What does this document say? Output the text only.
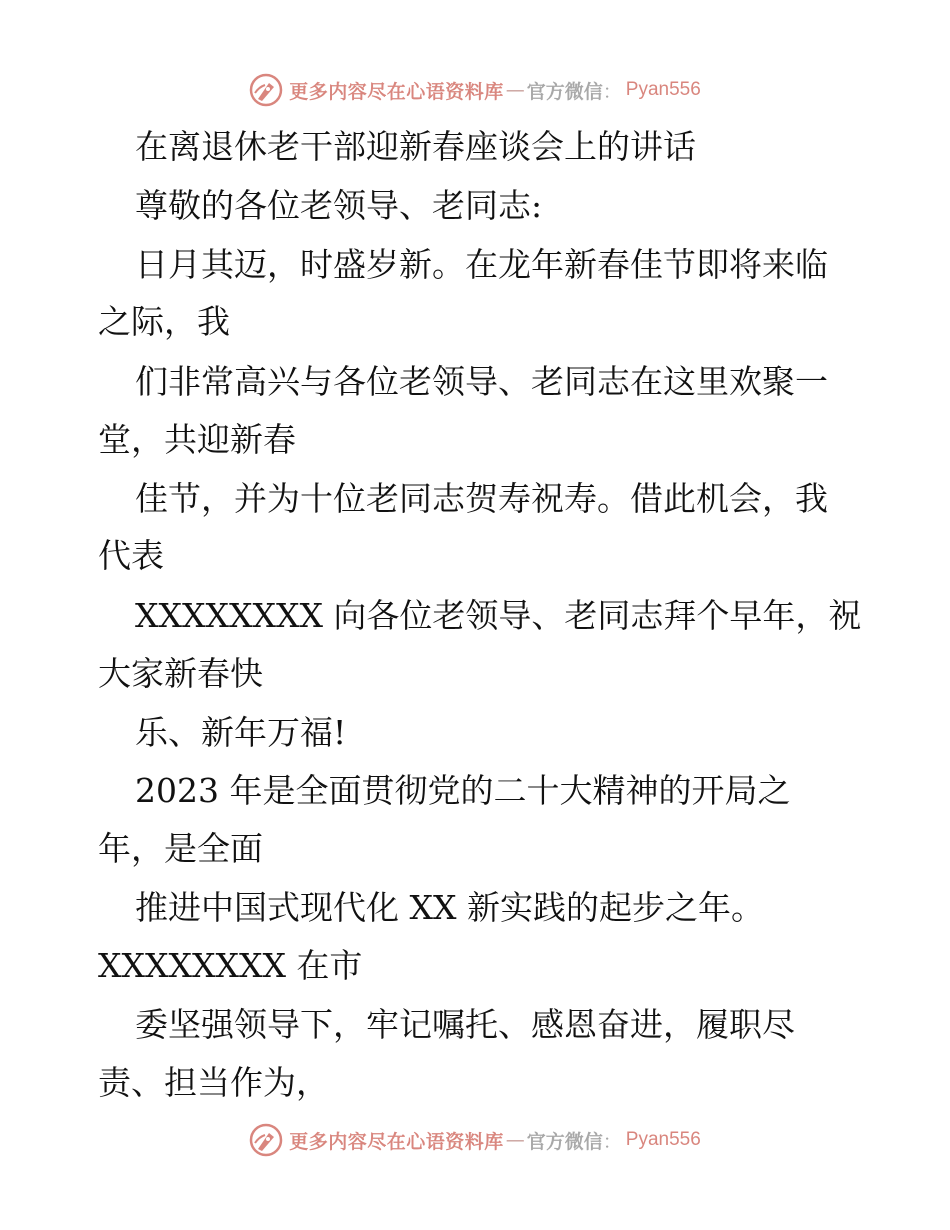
更多内容尽在心语资料库 — 官方微信 ： Pyan556
在离退休老干部迎新春座谈会上的讲话
尊敬的各位老领导、老同志:
日月其迈，时盛岁新。在龙年新春佳节即将来临
之际，我
们非常高兴与各位老领导、老同志在这里欢聚一
堂，共迎新春
佳节，并为十位老同志贺寿祝寿。借此机会，我
代表
XXXXXXXX 向各位老领导、老同志拜个早年，祝
大家新春快
乐、新年万福!
2023 年是全面贯彻党的二十大精神的开局之
年，是全面
推进中国式现代化 XX 新实践的起步之年。
XXXXXXXX 在市
委坚强领导下，牢记嘱托、感恩奋进，履职尽
责、担当作为，
更多内容尽在心语资料库 — 官方微信 ： Pyan556
